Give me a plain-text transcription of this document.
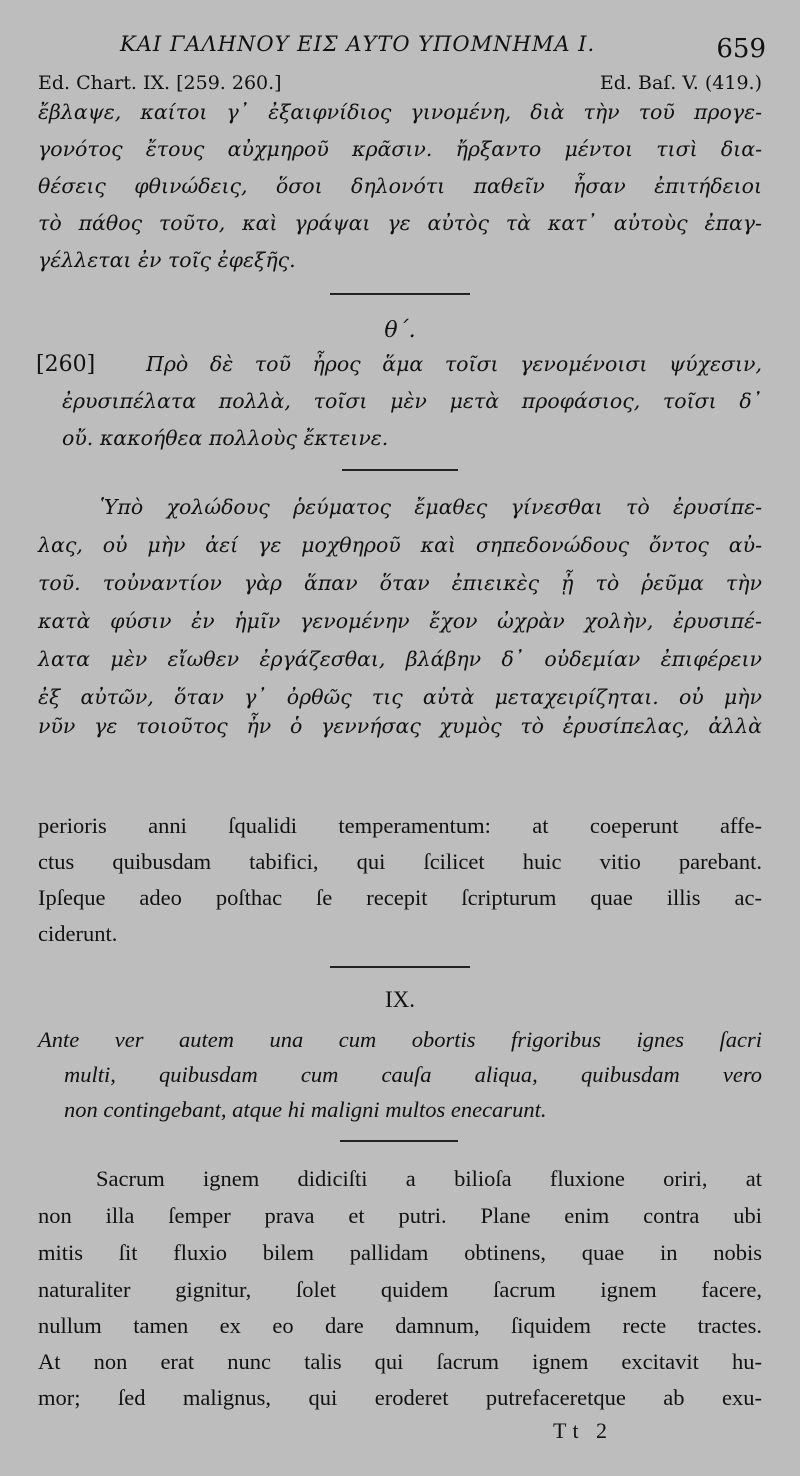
ΚΑΙ ΓΑΛΗΝΟΥ ΕΙΣ ΑΥΤΟ ΥΠΟΜΝΗΜΑ Ι.	659
Ed. Chart. IX. [259. 260.]	Ed. Baſ. V. (419.)
ἔβλαψε, καίτοι γ᾽ ἐξαιφνίδιος γινομένη, διὰ τὴν τοῦ προγε-
γονότος ἔτους αὐχμηροῦ κρᾶσιν. ἤρξαντο μέντοι τισὶ δια-
θέσεις φθινώδεις, ὅσοι δηλονότι παθεῖν ἦσαν ἐπιτήδειοι
τὸ πάθος τοῦτο, καὶ γράψαι γε αὐτὸς τὰ κατ᾽ αὐτοὺς ἐπαγ-
γέλλεται ἐν τοῖς ἐφεξῆς.
θ΄.
[260] Πρὸ δὲ τοῦ ἦρος ἅμα τοῖσι γενομένοισι ψύχεσιν,
ἐρυσιπέλατα πολλὰ, τοῖσι μὲν μετὰ προφάσιος, τοῖσι δ᾽
οὔ. κακοήθεα πολλοὺς ἔκτεινε.
Ὑπὸ χολώδους ῥεύματος ἔμαθες γίνεσθαι τὸ ἐρυσίπε-
λας, οὐ μὴν ἀεί γε μοχθηροῦ καὶ σηπεδονώδους ὄντος αὐ-
τοῦ. τοὐναντίον γὰρ ἅπαν ὅταν ἐπιεικὲς ᾖ τὸ ῥεῦμα τὴν
κατὰ φύσιν ἐν ἡμῖν γενομένην ἔχον ὠχρὰν χολὴν, ἐρυσιπέ-
λατα μὲν εἴωθεν ἐργάζεσθαι, βλάβην δ᾽ οὐδεμίαν ἐπιφέρειν
ἐξ αὐτῶν, ὅταν γ᾽ ὀρθῶς τις αὐτὰ μεταχειρίζηται. οὐ μὴν
νῦν γε τοιοῦτος ἦν ὁ γεννήσας χυμὸς τὸ ἐρυσίπελας, ἀλλὰ
perioris anni ſqualidi temperamentum: at coeperunt affe-
ctus quibusdam tabifici, qui ſcilicet huic vitio parebant.
Ipſeque adeo poſthac ſe recepit ſcripturum quae illis ac-
ciderunt.
IX.
Ante ver autem una cum obortis frigoribus ignes ſacri
multi, quibusdam cum cauſa aliqua, quibusdam vero
non contingebant, atque hi maligni multos enecarunt.
Sacrum ignem didiciſti a bilioſa fluxione oriri, at
non illa ſemper prava et putri. Plane enim contra ubi
mitis ſit fluxio bilem pallidam obtinens, quae in nobis
naturaliter gignitur, ſolet quidem ſacrum ignem facere,
nullum tamen ex eo dare damnum, ſiquidem recte tractes.
At non erat nunc talis qui ſacrum ignem excitavit hu-
mor; ſed malignus, qui eroderet putrefaceretque ab exu-
Tt 2
